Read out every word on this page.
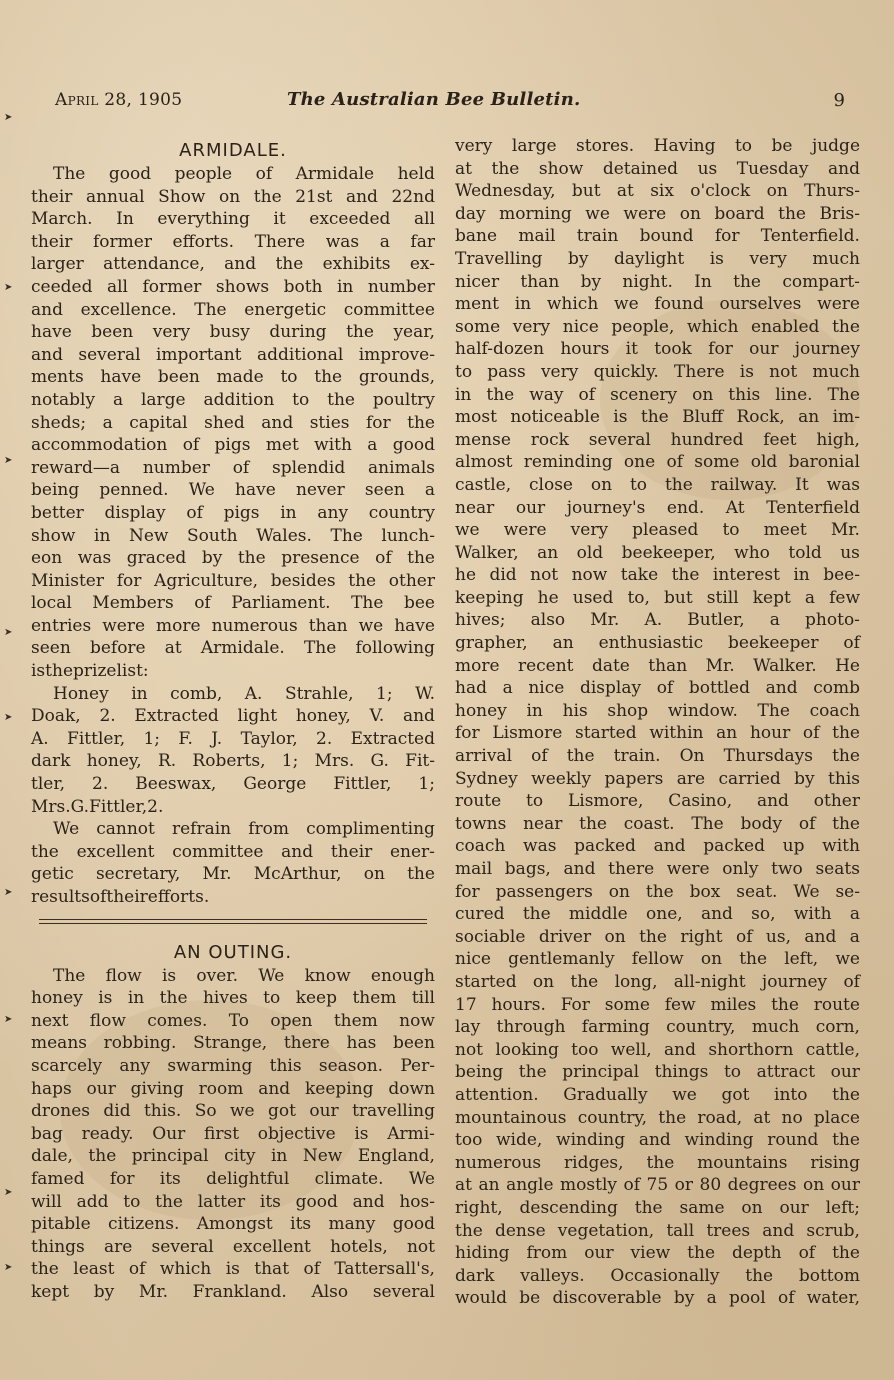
➤
➤
➤
➤
➤
➤
➤
➤
➤
April 28, 1905	The Australian Bee Bulletin.	9
ARMIDALE.
The good people of Armidale held
their annual Show on the 21st and 22nd
March. In everything it exceeded all
their former efforts. There was a far
larger attendance, and the exhibits ex-
ceeded all former shows both in number
and excellence. The energetic committee
have been very busy during the year,
and several important additional improve-
ments have been made to the grounds,
notably a large addition to the poultry
sheds; a capital shed and sties for the
accommodation of pigs met with a good
reward—a number of splendid animals
being penned. We have never seen a
better display of pigs in any country
show in New South Wales. The lunch-
eon was graced by the presence of the
Minister for Agriculture, besides the other
local Members of Parliament. The bee
entries were more numerous than we have
seen before at Armidale. The following
is the prize list:
Honey in comb, A. Strahle, 1; W.
Doak, 2. Extracted light honey, V. and
A. Fittler, 1; F. J. Taylor, 2. Extracted
dark honey, R. Roberts, 1; Mrs. G. Fit-
tler, 2. Beeswax, George Fittler, 1;
Mrs. G. Fittler, 2.
We cannot refrain from complimenting
the excellent committee and their ener-
getic secretary, Mr. McArthur, on the
results of their efforts.
AN OUTING.
The flow is over. We know enough
honey is in the hives to keep them till
next flow comes. To open them now
means robbing. Strange, there has been
scarcely any swarming this season. Per-
haps our giving room and keeping down
drones did this. So we got our travelling
bag ready. Our first objective is Armi-
dale, the principal city in New England,
famed for its delightful climate. We
will add to the latter its good and hos-
pitable citizens. Amongst its many good
things are several excellent hotels, not
the least of which is that of Tattersall's,
kept by Mr. Frankland. Also several
very large stores. Having to be judge
at the show detained us Tuesday and
Wednesday, but at six o'clock on Thurs-
day morning we were on board the Bris-
bane mail train bound for Tenterfield.
Travelling by daylight is very much
nicer than by night. In the compart-
ment in which we found ourselves were
some very nice people, which enabled the
half-dozen hours it took for our journey
to pass very quickly. There is not much
in the way of scenery on this line. The
most noticeable is the Bluff Rock, an im-
mense rock several hundred feet high,
almost reminding one of some old baronial
castle, close on to the railway. It was
near our journey's end. At Tenterfield
we were very pleased to meet Mr.
Walker, an old beekeeper, who told us
he did not now take the interest in bee-
keeping he used to, but still kept a few
hives; also Mr. A. Butler, a photo-
grapher, an enthusiastic beekeeper of
more recent date than Mr. Walker. He
had a nice display of bottled and comb
honey in his shop window. The coach
for Lismore started within an hour of the
arrival of the train. On Thursdays the
Sydney weekly papers are carried by this
route to Lismore, Casino, and other
towns near the coast. The body of the
coach was packed and packed up with
mail bags, and there were only two seats
for passengers on the box seat. We se-
cured the middle one, and so, with a
sociable driver on the right of us, and a
nice gentlemanly fellow on the left, we
started on the long, all-night journey of
17 hours. For some few miles the route
lay through farming country, much corn,
not looking too well, and shorthorn cattle,
being the principal things to attract our
attention. Gradually we got into the
mountainous country, the road, at no place
too wide, winding and winding round the
numerous ridges, the mountains rising
at an angle mostly of 75 or 80 degrees on our
right, descending the same on our left;
the dense vegetation, tall trees and scrub,
hiding from our view the depth of the
dark valleys. Occasionally the bottom
would be discoverable by a pool of water,
